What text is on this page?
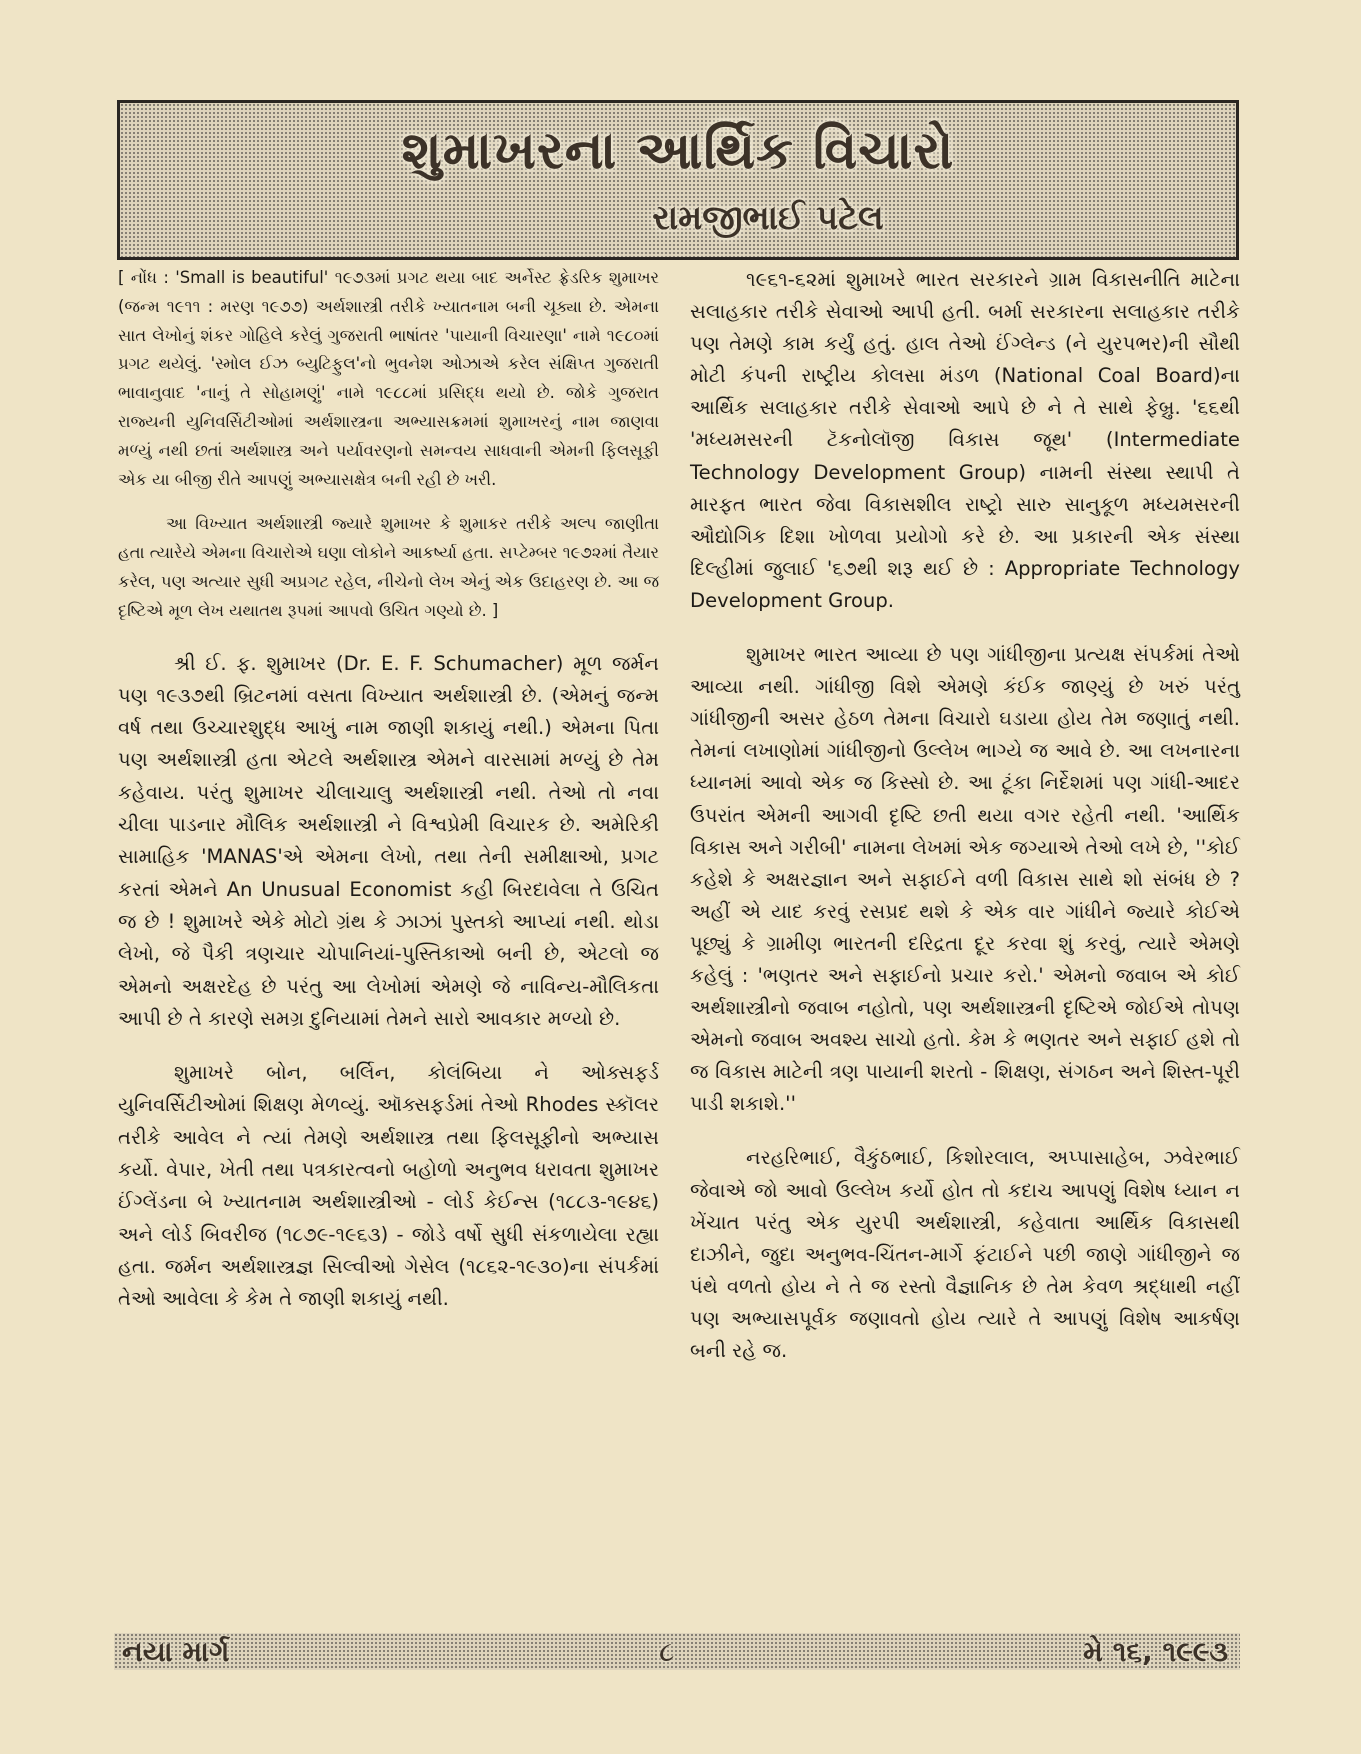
શુમાખરના આર્થિક વિચારો
રામજીભાઈ પટેલ

[ નોંધ : 'Small is beautiful' ૧૯૭૩માં પ્રગટ થયા બાદ અર્નેસ્ટ ફ્રેડરિક શુમાખર (જન્મ ૧૯૧૧ : મરણ ૧૯૭૭) અર્થશાસ્ત્રી તરીકે ખ્યાતનામ બની ચૂક્યા છે. એમના સાત લેખોનું શંકર ગોહિલે કરેલું ગુજરાતી ભાષાંતર 'પાયાની વિચારણા' નામે ૧૯૮૦માં પ્રગટ થયેલું. 'સ્મોલ ઈઝ બ્યુટિફુલ'નો ભુવનેશ ઓઝાએ કરેલ સંક્ષિપ્ત ગુજરાતી ભાવાનુવાદ 'નાનું તે સોહામણું' નામે ૧૯૮૮માં પ્રસિદ્ધ થયો છે. જોકે ગુજરાત રાજ્યની યુનિવર્સિટીઓમાં અર્થશાસ્ત્રના અભ્યાસક્રમમાં શુમાખરનું નામ જાણવા મળ્યું નથી છતાં અર્થશાસ્ત્ર અને પર્યાવરણનો સમન્વય સાધવાની એમની ફિલસૂફી એક યા બીજી રીતે આપણું અભ્યાસક્ષેત્ર બની રહી છે ખરી.

આ વિખ્યાત અર્થશાસ્ત્રી જ્યારે શુમાખર કે શુમાકર તરીકે અલ્પ જાણીતા હતા ત્યારેયે એમના વિચારોએ ઘણા લોકોને આકર્ષ્યા હતા. સપ્ટેમ્બર ૧૯૭૨માં તૈયાર કરેલ, પણ અત્યાર સુધી અપ્રગટ રહેલ, નીચેનો લેખ એનું એક ઉદાહરણ છે. આ જ દૃષ્ટિએ મૂળ લેખ યથાતથ રૂપમાં આપવો ઉચિત ગણ્યો છે. ]

શ્રી ઈ. ફ. શુમાખર (Dr. E. F. Schumacher) મૂળ જર્મન પણ ૧૯૩૭થી બ્રિટનમાં વસતા વિખ્યાત અર્થશાસ્ત્રી છે. (એમનું જન્મ વર્ષ તથા ઉચ્ચારશુદ્ધ આખું નામ જાણી શકાયું નથી.) એમના પિતા પણ અર્થશાસ્ત્રી હતા એટલે અર્થશાસ્ત્ર એમને વારસામાં મળ્યું છે તેમ કહેવાય. પરંતુ શુમાખર ચીલાચાલુ અર્થશાસ્ત્રી નથી. તેઓ તો નવા ચીલા પાડનાર મૌલિક અર્થશાસ્ત્રી ને વિશ્વપ્રેમી વિચારક છે. અમેરિકી સામાહિક 'MANAS'એ એમના લેખો, તથા તેની સમીક્ષાઓ, પ્રગટ કરતાં એમને An Unusual Economist કહી બિરદાવેલા તે ઉચિત જ છે ! શુમાખરે એકે મોટો ગ્રંથ કે ઝાઝાં પુસ્તકો આપ્યાં નથી. થોડા લેખો, જે પૈકી ત્રણચાર ચોપાનિયાં-પુસ્તિકાઓ બની છે, એટલો જ એમનો અક્ષરદેહ છે પરંતુ આ લેખોમાં એમણે જે નાવિન્ય-મૌલિકતા આપી છે તે કારણે સમગ્ર દુનિયામાં તેમને સારો આવકાર મળ્યો છે.

શુમાખરે બોન, બર્લિન, કોલંબિયા ને ઓક્સફર્ડ યુનિવર્સિટીઓમાં શિક્ષણ મેળવ્યું. ઑક્સફર્ડમાં તેઓ Rhodes સ્કૉલર તરીકે આવેલ ને ત્યાં તેમણે અર્થશાસ્ત્ર તથા ફિલસૂફીનો અભ્યાસ કર્યો. વેપાર, ખેતી તથા પત્રકારત્વનો બહોળો અનુભવ ધરાવતા શુમાખર ઈંગ્લેંડના બે ખ્યાતનામ અર્થશાસ્ત્રીઓ - લોર્ડ કેઈન્સ (૧૮૮૩-૧૯૪૬) અને લોર્ડ બિવરીજ (૧૮૭૯-૧૯૬૩) - જોડે વર્ષો સુધી સંકળાયેલા રહ્યા હતા. જર્મન અર્થશાસ્ત્રજ્ઞ સિલ્વીઓ ગેસેલ (૧૮૬૨-૧૯૩૦)ના સંપર્કમાં તેઓ આવેલા કે કેમ તે જાણી શકાયું નથી.

૧૯૬૧-૬૨માં શુમાખરે ભારત સરકારને ગ્રામ વિકાસનીતિ માટેના સલાહકાર તરીકે સેવાઓ આપી હતી. બર્મા સરકારના સલાહકાર તરીકે પણ તેમણે કામ કર્યું હતું. હાલ તેઓ ઈંગ્લેન્ડ (ને યુરપભર)ની સૌથી મોટી કંપની રાષ્ટ્રીય કોલસા મંડળ (National Coal Board)ના આર્થિક સલાહકાર તરીકે સેવાઓ આપે છે ને તે સાથે ફેબ્રુ. '૬૬થી 'મધ્યમસરની ટૅકનોલૉજી વિકાસ જૂથ' (Intermediate Technology Development Group) નામની સંસ્થા સ્થાપી તે મારફત ભારત જેવા વિકાસશીલ રાષ્ટ્રો સારુ સાનુકૂળ મધ્યમસરની ઔદ્યોગિક દિશા ખોળવા પ્રયોગો કરે છે. આ પ્રકારની એક સંસ્થા દિલ્હીમાં જુલાઈ '૬૭થી શરૂ થઈ છે : Appropriate Technology Development Group.

શુમાખર ભારત આવ્યા છે પણ ગાંધીજીના પ્રત્યક્ષ સંપર્કમાં તેઓ આવ્યા નથી. ગાંધીજી વિશે એમણે કંઈક જાણ્યું છે ખરું પરંતુ ગાંધીજીની અસર હેઠળ તેમના વિચારો ઘડાયા હોય તેમ જણાતું નથી. તેમનાં લખાણોમાં ગાંધીજીનો ઉલ્લેખ ભાગ્યે જ આવે છે. આ લખનારના ધ્યાનમાં આવો એક જ કિસ્સો છે. આ ટૂંકા નિર્દેશમાં પણ ગાંધી-આદર ઉપરાંત એમની આગવી દૃષ્ટિ છતી થયા વગર રહેતી નથી. 'આર્થિક વિકાસ અને ગરીબી' નામના લેખમાં એક જગ્યાએ તેઓ લખે છે, ''કોઈ કહેશે કે અક્ષરજ્ઞાન અને સફાઈને વળી વિકાસ સાથે શો સંબંધ છે ? અહીં એ યાદ કરવું રસપ્રદ થશે કે એક વાર ગાંધીને જ્યારે કોઈએ પૂછ્યું કે ગ્રામીણ ભારતની દરિદ્રતા દૂર કરવા શું કરવું, ત્યારે એમણે કહેલું : 'ભણતર અને સફાઈનો પ્રચાર કરો.' એમનો જવાબ એ કોઈ અર્થશાસ્ત્રીનો જવાબ નહોતો, પણ અર્થશાસ્ત્રની દૃષ્ટિએ જોઈએ તોપણ એમનો જવાબ અવશ્ય સાચો હતો. કેમ કે ભણતર અને સફાઈ હશે તો જ વિકાસ માટેની ત્રણ પાયાની શરતો - શિક્ષણ, સંગઠન અને શિસ્ત-પૂરી પાડી શકાશે.''

નરહરિભાઈ, વૈકુંઠભાઈ, કિશોરલાલ, અપ્પાસાહેબ, ઝવેરભાઈ જેવાએ જો આવો ઉલ્લેખ કર્યો હોત તો કદાચ આપણું વિશેષ ધ્યાન ન ખેંચાત પરંતુ એક યુરપી અર્થશાસ્ત્રી, કહેવાતા આર્થિક વિકાસથી દાઝીને, જુદા અનુભવ-ચિંતન-માર્ગે ફંટાઈને પછી જાણે ગાંધીજીને જ પંથે વળતો હોય ને તે જ રસ્તો વૈજ્ઞાનિક છે તેમ કેવળ શ્રદ્ધાથી નહીં પણ અભ્યાસપૂર્વક જણાવતો હોય ત્યારે તે આપણું વિશેષ આકર્ષણ બની રહે જ.

નયા માર્ગ	૮	મે ૧૬, ૧૯૯૩
